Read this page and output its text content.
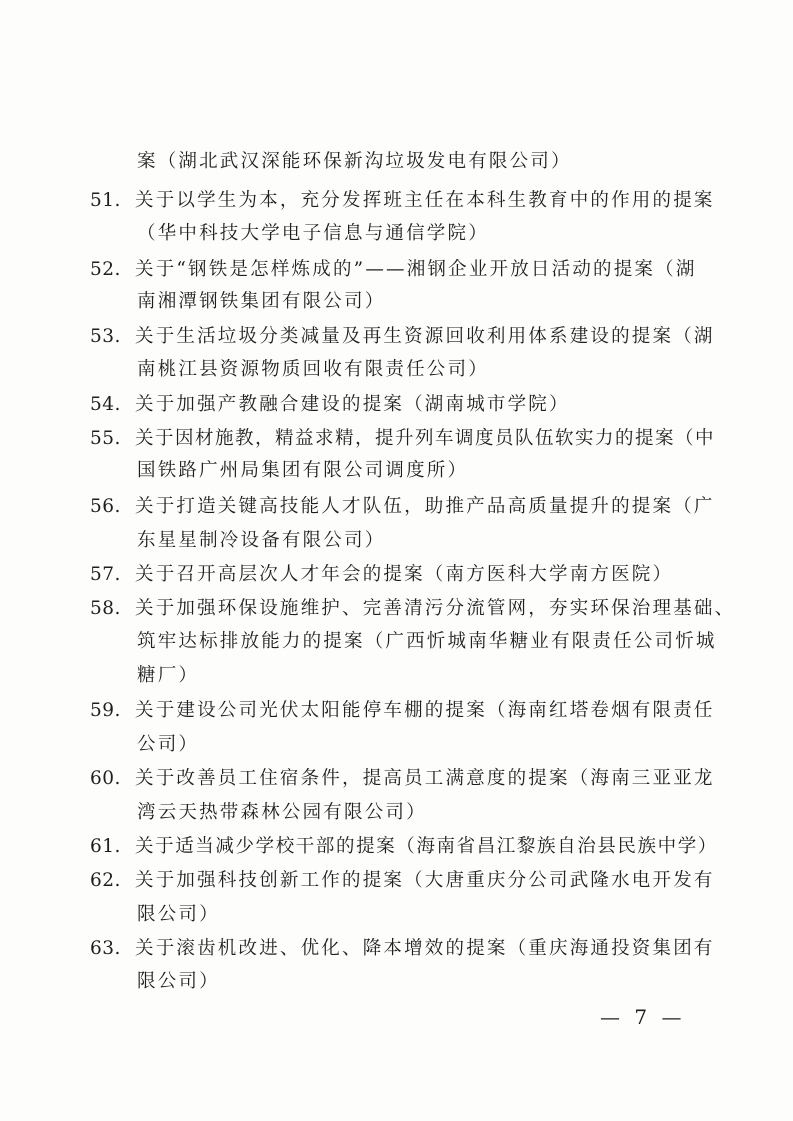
案（湖北武汉深能环保新沟垃圾发电有限公司）
51. 关于以学生为本，充分发挥班主任在本科生教育中的作用的提案
（华中科技大学电子信息与通信学院）
52. 关于“钢铁是怎样炼成的”——湘钢企业开放日活动的提案（湖
南湘潭钢铁集团有限公司）
53. 关于生活垃圾分类减量及再生资源回收利用体系建设的提案（湖
南桃江县资源物质回收有限责任公司）
54. 关于加强产教融合建设的提案（湖南城市学院）
55. 关于因材施教，精益求精，提升列车调度员队伍软实力的提案（中
国铁路广州局集团有限公司调度所）
56. 关于打造关键高技能人才队伍，助推产品高质量提升的提案（广
东星星制冷设备有限公司）
57. 关于召开高层次人才年会的提案（南方医科大学南方医院）
58. 关于加强环保设施维护、完善清污分流管网，夯实环保治理基础、
筑牢达标排放能力的提案（广西忻城南华糖业有限责任公司忻城
糖厂）
59. 关于建设公司光伏太阳能停车棚的提案（海南红塔卷烟有限责任
公司）
60. 关于改善员工住宿条件，提高员工满意度的提案（海南三亚亚龙
湾云天热带森林公园有限公司）
61. 关于适当减少学校干部的提案（海南省昌江黎族自治县民族中学）
62. 关于加强科技创新工作的提案（大唐重庆分公司武隆水电开发有
限公司）
63. 关于滚齿机改进、优化、降本增效的提案（重庆海通投资集团有
限公司）
— 7 —
